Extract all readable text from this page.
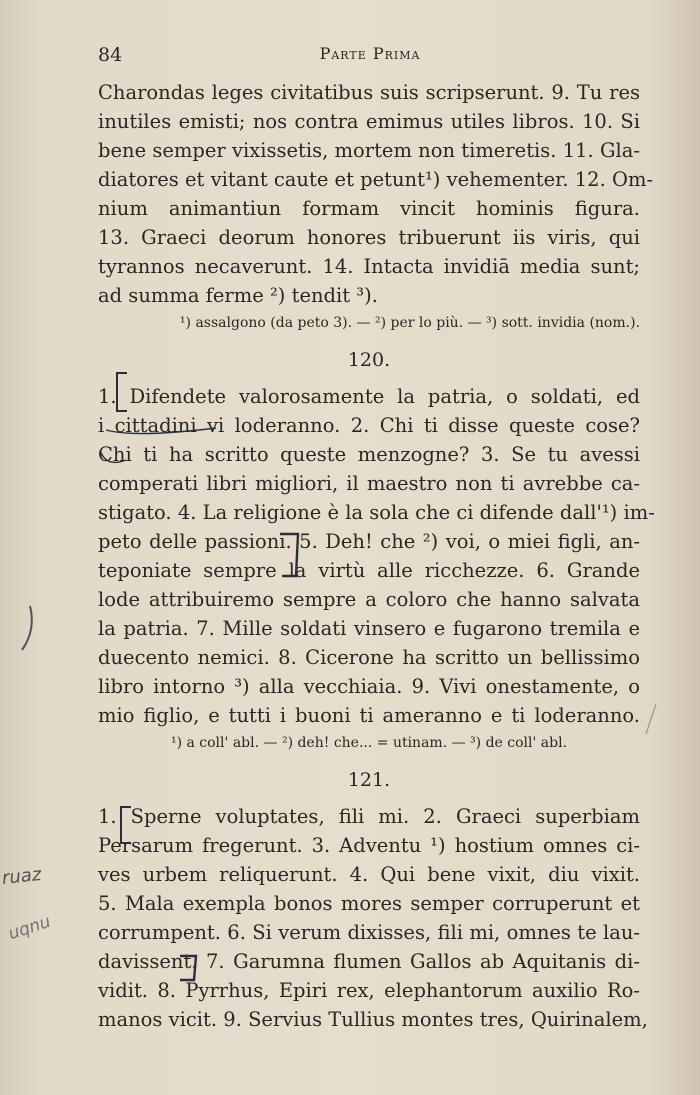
84	Parte Prima
Charondas leges civitatibus suis scripserunt. 9. Tu res
inutiles emisti; nos contra emimus utiles libros. 10. Si
bene semper vixissetis, mortem non timeretis. 11. Gla-
diatores et vitant caute et petunt¹) vehementer. 12. Om-
nium animantiun formam vincit hominis figura.
13. Graeci deorum honores tribuerunt iis viris, qui
tyrannos necaverunt. 14. Intacta invidiā media sunt;
ad summa ferme ²) tendit ³).
¹) assalgono (da peto 3). — ²) per lo più. — ³) sott. invidia (nom.).
120.
1. Difendete valorosamente la patria, o soldati, ed
i cittadini vi loderanno. 2. Chi ti disse queste cose?
Chi ti ha scritto queste menzogne? 3. Se tu avessi
comperati libri migliori, il maestro non ti avrebbe ca-
stigato. 4. La religione è la sola che ci difende dall'¹) im-
peto delle passioni. 5. Deh! che ²) voi, o miei figli, an-
teponiate sempre la virtù alle ricchezze. 6. Grande
lode attribuiremo sempre a coloro che hanno salvata
la patria. 7. Mille soldati vinsero e fugarono tremila e
duecento nemici. 8. Cicerone ha scritto un bellissimo
libro intorno ³) alla vecchiaia. 9. Vivi onestamente, o
mio figlio, e tutti i buoni ti ameranno e ti loderanno.
¹) a coll' abl. — ²) deh! che... = utinam. — ³) de coll' abl.
121.
1. Sperne voluptates, fili mi. 2. Graeci superbiam
Persarum fregerunt. 3. Adventu ¹) hostium omnes ci-
ves urbem reliquerunt. 4. Qui bene vixit, diu vixit.
5. Mala exempla bonos mores semper corruperunt et
corrumpent. 6. Si verum dixisses, fili mi, omnes te lau-
davissent. 7. Garumna flumen Gallos ab Aquitanis di-
vidit. 8. Pyrrhus, Epiri rex, elephantorum auxilio Ro-
manos vicit. 9. Servius Tullius montes tres, Quirinalem,
ruaz
uqnu
